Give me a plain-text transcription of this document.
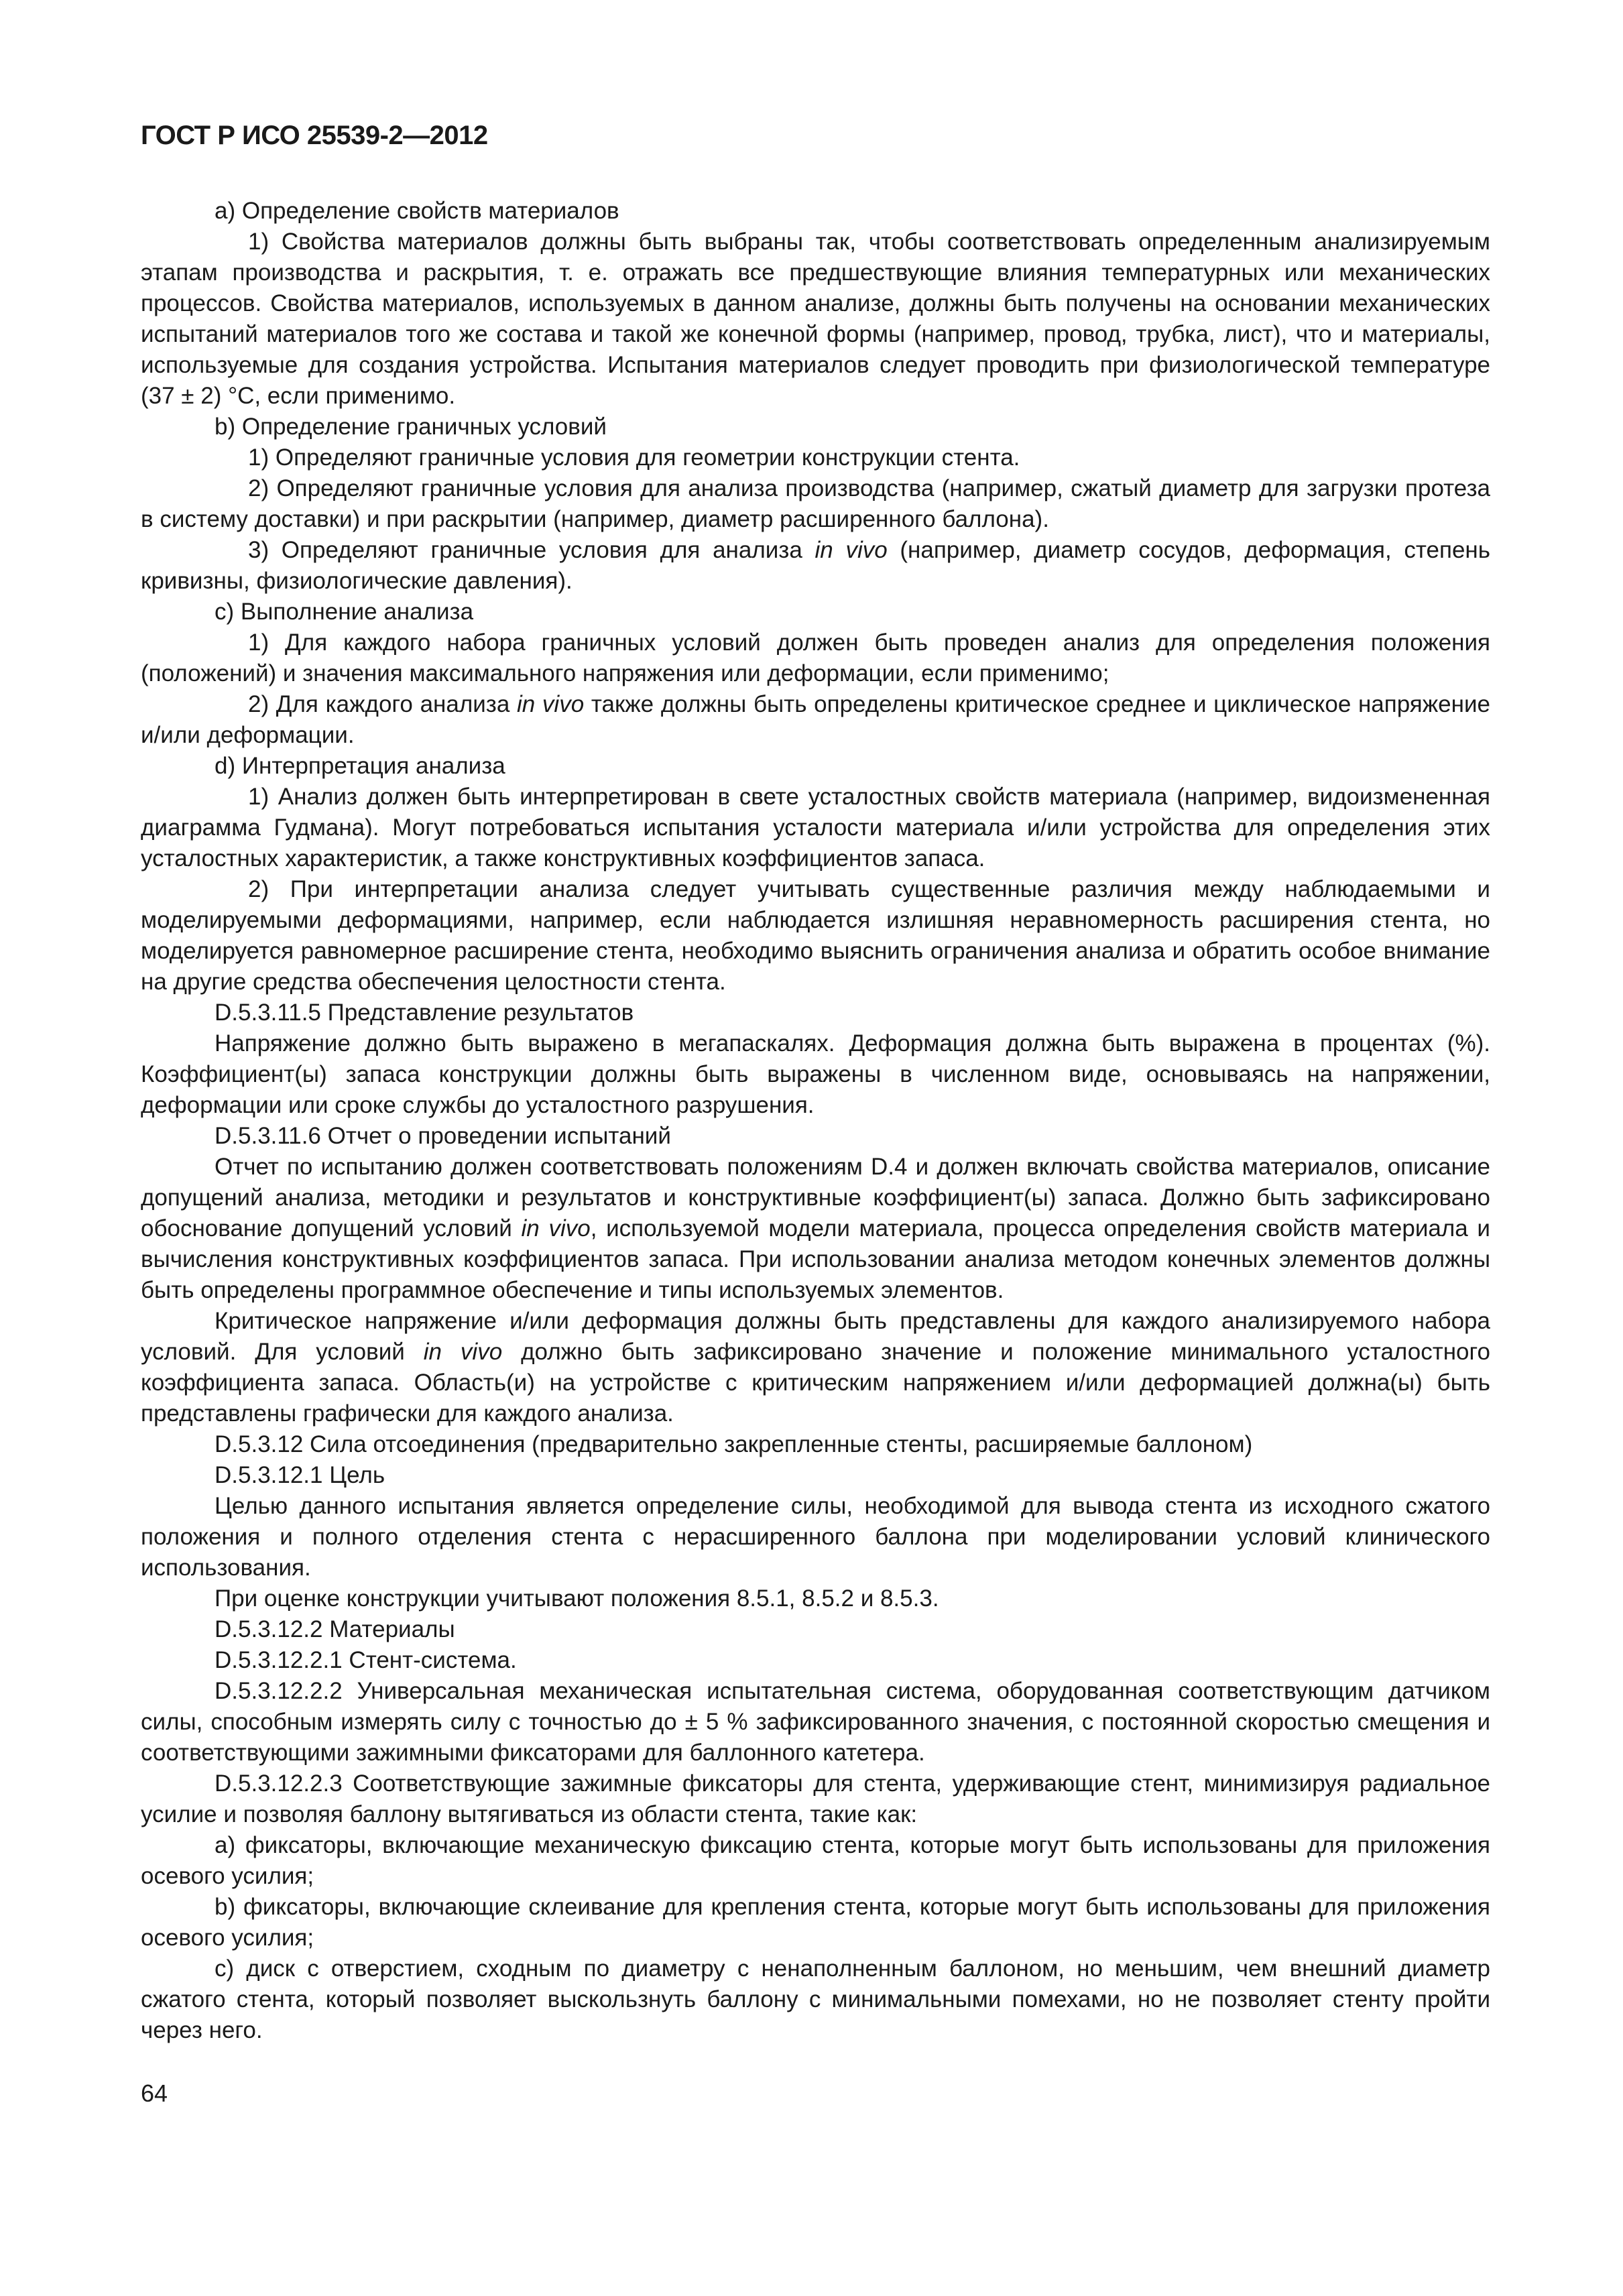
ГОСТ Р ИСО 25539-2—2012

a) Определение свойств материалов

1) Свойства материалов должны быть выбраны так, чтобы соответствовать определенным анализируемым этапам производства и раскрытия, т. е. отражать все предшествующие влияния температурных или механических процессов. Свойства материалов, используемых в данном анализе, должны быть получены на основании механических испытаний материалов того же состава и такой же конечной формы (например, провод, трубка, лист), что и материалы, используемые для создания устройства. Испытания материалов следует проводить при физиологической температуре (37 ± 2) °С, если применимо.

b) Определение граничных условий

1) Определяют граничные условия для геометрии конструкции стента.

2) Определяют граничные условия для анализа производства (например, сжатый диаметр для загрузки протеза в систему доставки) и при раскрытии (например, диаметр расширенного баллона).

3) Определяют граничные условия для анализа in vivo (например, диаметр сосудов, деформация, степень кривизны, физиологические давления).

c) Выполнение анализа

1) Для каждого набора граничных условий должен быть проведен анализ для определения положения (положений) и значения максимального напряжения или деформации, если применимо;

2) Для каждого анализа in vivo также должны быть определены критическое среднее и циклическое напряжение и/или деформации.

d) Интерпретация анализа

1) Анализ должен быть интерпретирован в свете усталостных свойств материала (например, видоизмененная диаграмма Гудмана). Могут потребоваться испытания усталости материала и/или устройства для определения этих усталостных характеристик, а также конструктивных коэффициентов запаса.

2) При интерпретации анализа следует учитывать существенные различия между наблюдаемыми и моделируемыми деформациями, например, если наблюдается излишняя неравномерность расширения стента, но моделируется равномерное расширение стента, необходимо выяснить ограничения анализа и обратить особое внимание на другие средства обеспечения целостности стента.

D.5.3.11.5 Представление результатов

Напряжение должно быть выражено в мегапаскалях. Деформация должна быть выражена в процентах (%). Коэффициент(ы) запаса конструкции должны быть выражены в численном виде, основываясь на напряжении, деформации или сроке службы до усталостного разрушения.

D.5.3.11.6 Отчет о проведении испытаний

Отчет по испытанию должен соответствовать положениям D.4 и должен включать свойства материалов, описание допущений анализа, методики и результатов и конструктивные коэффициент(ы) запаса. Должно быть зафиксировано обоснование допущений условий in vivo, используемой модели материала, процесса определения свойств материала и вычисления конструктивных коэффициентов запаса. При использовании анализа методом конечных элементов должны быть определены программное обеспечение и типы используемых элементов.

Критическое напряжение и/или деформация должны быть представлены для каждого анализируемого набора условий. Для условий in vivo должно быть зафиксировано значение и положение минимального усталостного коэффициента запаса. Область(и) на устройстве с критическим напряжением и/или деформацией должна(ы) быть представлены графически для каждого анализа.

D.5.3.12 Сила отсоединения (предварительно закрепленные стенты, расширяемые баллоном)

D.5.3.12.1 Цель

Целью данного испытания является определение силы, необходимой для вывода стента из исходного сжатого положения и полного отделения стента с нерасширенного баллона при моделировании условий клинического использования.

При оценке конструкции учитывают положения 8.5.1, 8.5.2 и 8.5.3.

D.5.3.12.2 Материалы

D.5.3.12.2.1 Стент-система.

D.5.3.12.2.2 Универсальная механическая испытательная система, оборудованная соответствующим датчиком силы, способным измерять силу с точностью до ± 5 % зафиксированного значения, с постоянной скоростью смещения и соответствующими зажимными фиксаторами для баллонного катетера.

D.5.3.12.2.3 Соответствующие зажимные фиксаторы для стента, удерживающие стент, минимизируя радиальное усилие и позволяя баллону вытягиваться из области стента, такие как:

a) фиксаторы, включающие механическую фиксацию стента, которые могут быть использованы для приложения осевого усилия;

b) фиксаторы, включающие склеивание для крепления стента, которые могут быть использованы для приложения осевого усилия;

c) диск с отверстием, сходным по диаметру с ненаполненным баллоном, но меньшим, чем внешний диаметр сжатого стента, который позволяет выскользнуть баллону с минимальными помехами, но не позволяет стенту пройти через него.

64
